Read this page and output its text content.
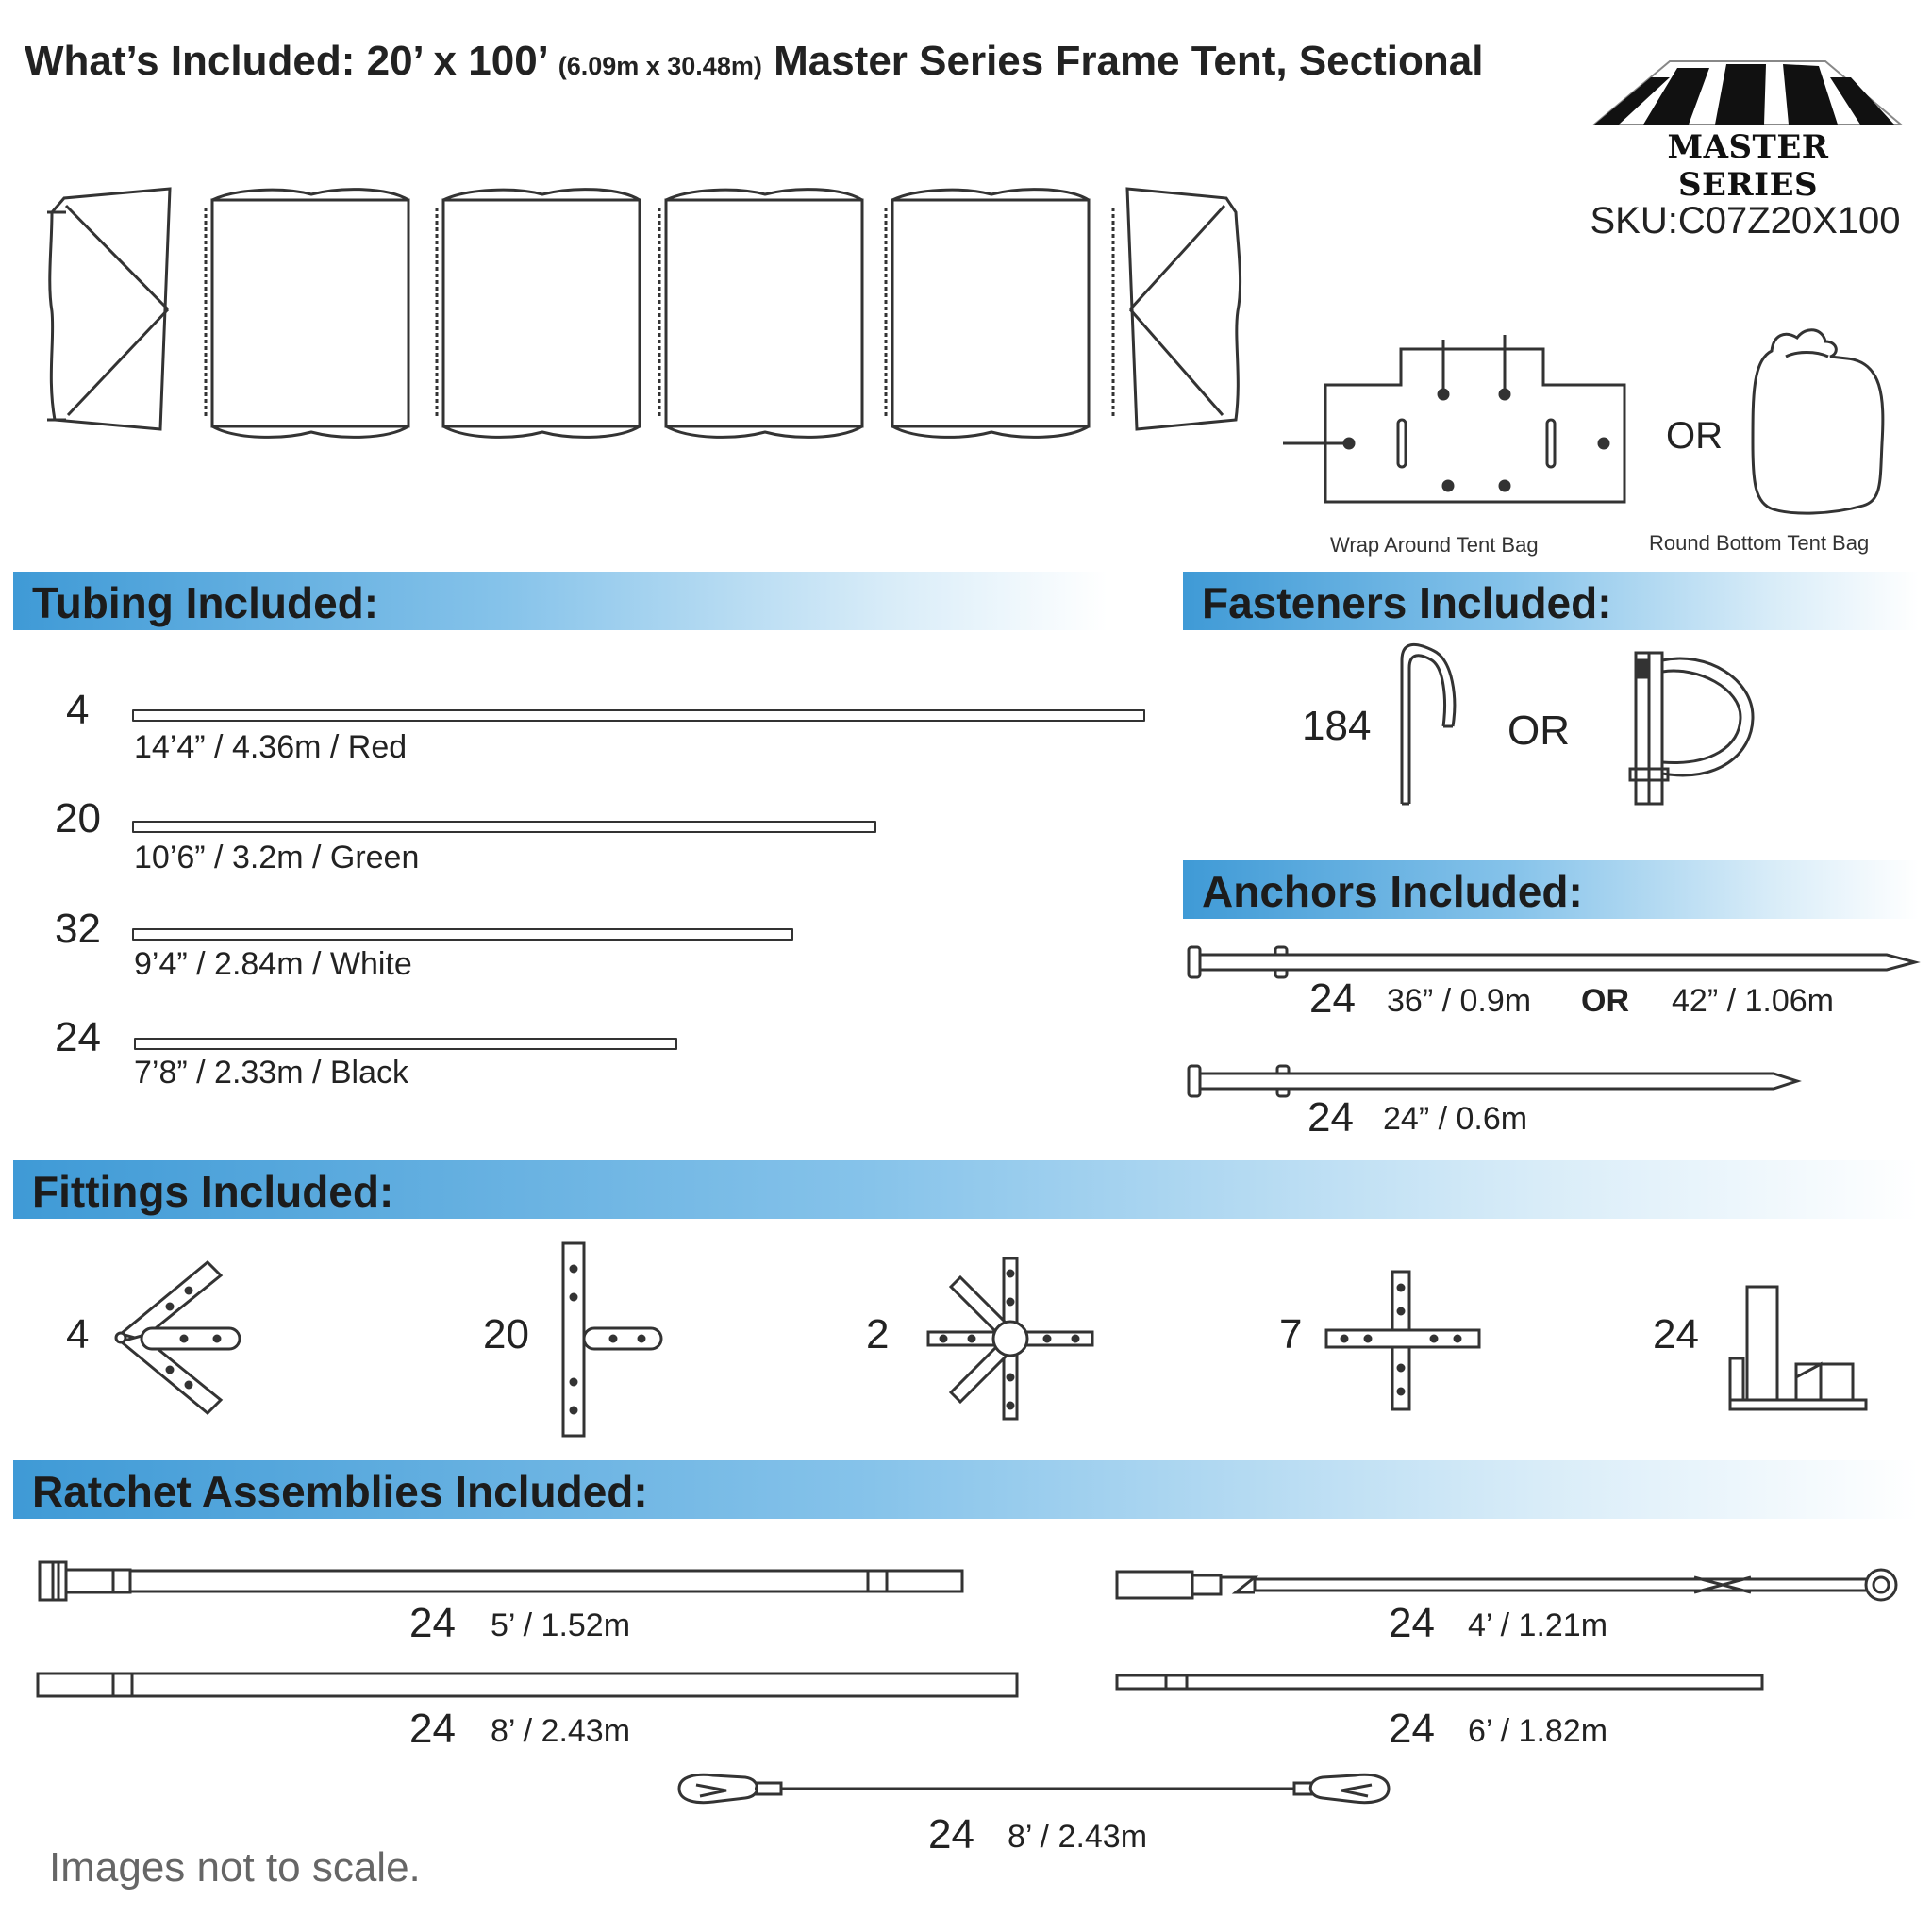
What’s Included: 20’ x 100’ (6.09m x 30.48m) Master Series Frame Tent, Sectional
MASTER SERIES
SKU:C07Z20X100
Wrap Around Tent Bag
OR
Round Bottom Tent Bag
Tubing Included:
4
14’4” / 4.36m / Red
20
10’6” / 3.2m / Green
32
9’4” / 2.84m / White
24
7’8” / 2.33m / Black
Fasteners Included:
184	OR
Anchors Included:
24 36” / 0.9m OR 42” / 1.06m
24 24” / 0.6m
Fittings Included:
4	20	2	7	24
Ratchet Assemblies Included:
24 5’ / 1.52m	24 4’ / 1.21m
24 8’ / 2.43m	24 6’ / 1.82m
24 8’ / 2.43m
Images not to scale.
